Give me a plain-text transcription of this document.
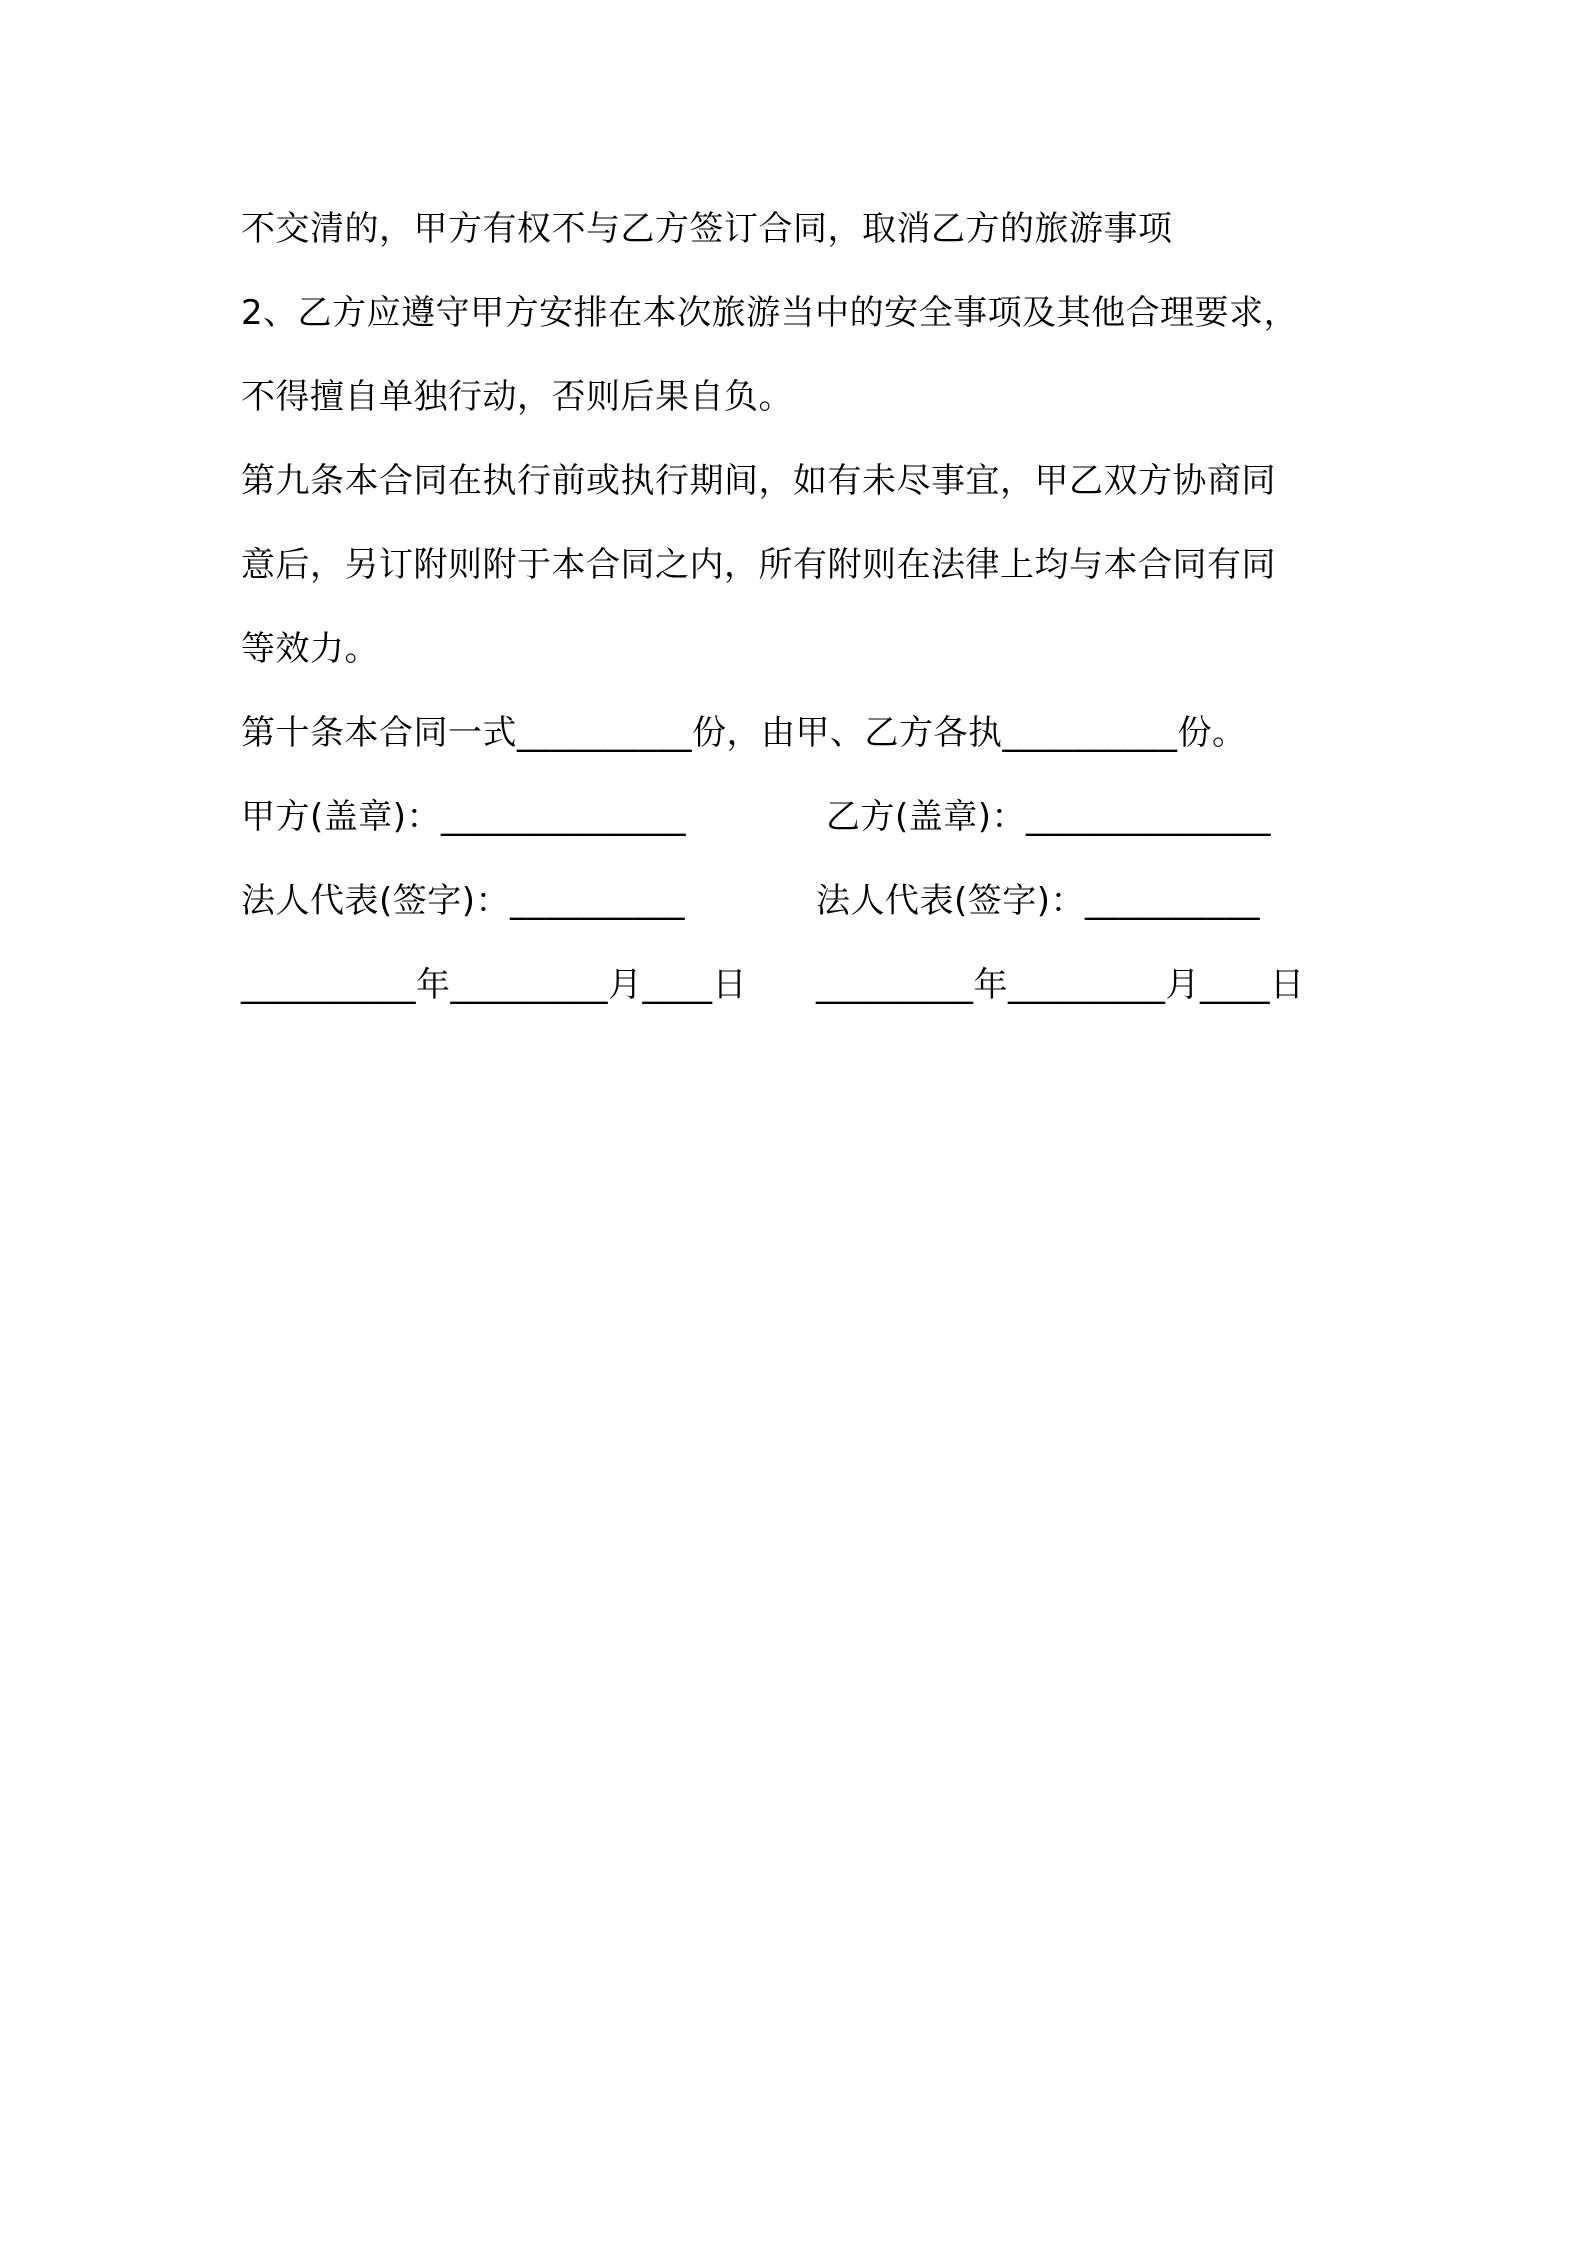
不交清的，甲方有权不与乙方签订合同，取消乙方的旅游事项
2、乙方应遵守甲方安排在本次旅游当中的安全事项及其他合理要求，
不得擅自单独行动，否则后果自负。
第九条本合同在执行前或执行期间，如有未尽事宜，甲乙双方协商同
意后，另订附则附于本合同之内，所有附则在法律上均与本合同有同
等效力。
第十条本合同一式__________份，由甲、乙方各执__________份。
甲方(盖章)：______________	乙方(盖章)：______________
法人代表(签字)：__________	法人代表(签字)：__________
__________年_________月____日 _________年_________月____日
